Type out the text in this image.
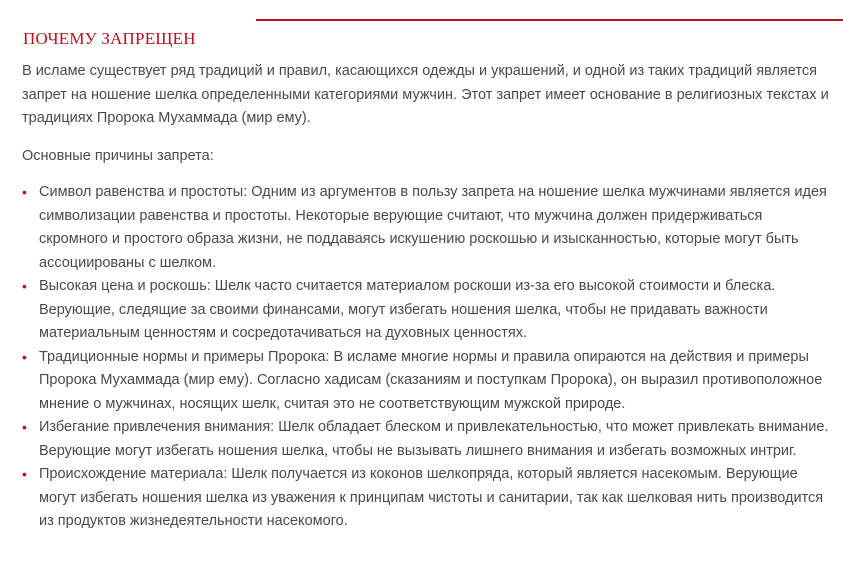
ПОЧЕМУ ЗАПРЕЩЕН

В исламе существует ряд традиций и правил, касающихся одежды и украшений, и одной из таких традиций является запрет на ношение шелка определенными категориями мужчин. Этот запрет имеет основание в религиозных текстах и традициях Пророка Мухаммада (мир ему).

Основные причины запрета:

• Символ равенства и простоты: Одним из аргументов в пользу запрета на ношение шелка мужчинами является идея символизации равенства и простоты. Некоторые верующие считают, что мужчина должен придерживаться скромного и простого образа жизни, не поддаваясь искушению роскошью и изысканностью, которые могут быть ассоциированы с шелком.
• Высокая цена и роскошь: Шелк часто считается материалом роскоши из-за его высокой стоимости и блеска. Верующие, следящие за своими финансами, могут избегать ношения шелка, чтобы не придавать важности материальным ценностям и сосредотачиваться на духовных ценностях.
• Традиционные нормы и примеры Пророка: В исламе многие нормы и правила опираются на действия и примеры Пророка Мухаммада (мир ему). Согласно хадисам (сказаниям и поступкам Пророка), он выразил противоположное мнение о мужчинах, носящих шелк, считая это не соответствующим мужской природе.
• Избегание привлечения внимания: Шелк обладает блеском и привлекательностью, что может привлекать внимание. Верующие могут избегать ношения шелка, чтобы не вызывать лишнего внимания и избегать возможных интриг.
• Происхождение материала: Шелк получается из коконов шелкопряда, который является насекомым. Верующие могут избегать ношения шелка из уважения к принципам чистоты и санитарии, так как шелковая нить производится из продуктов жизнедеятельности насекомого.
